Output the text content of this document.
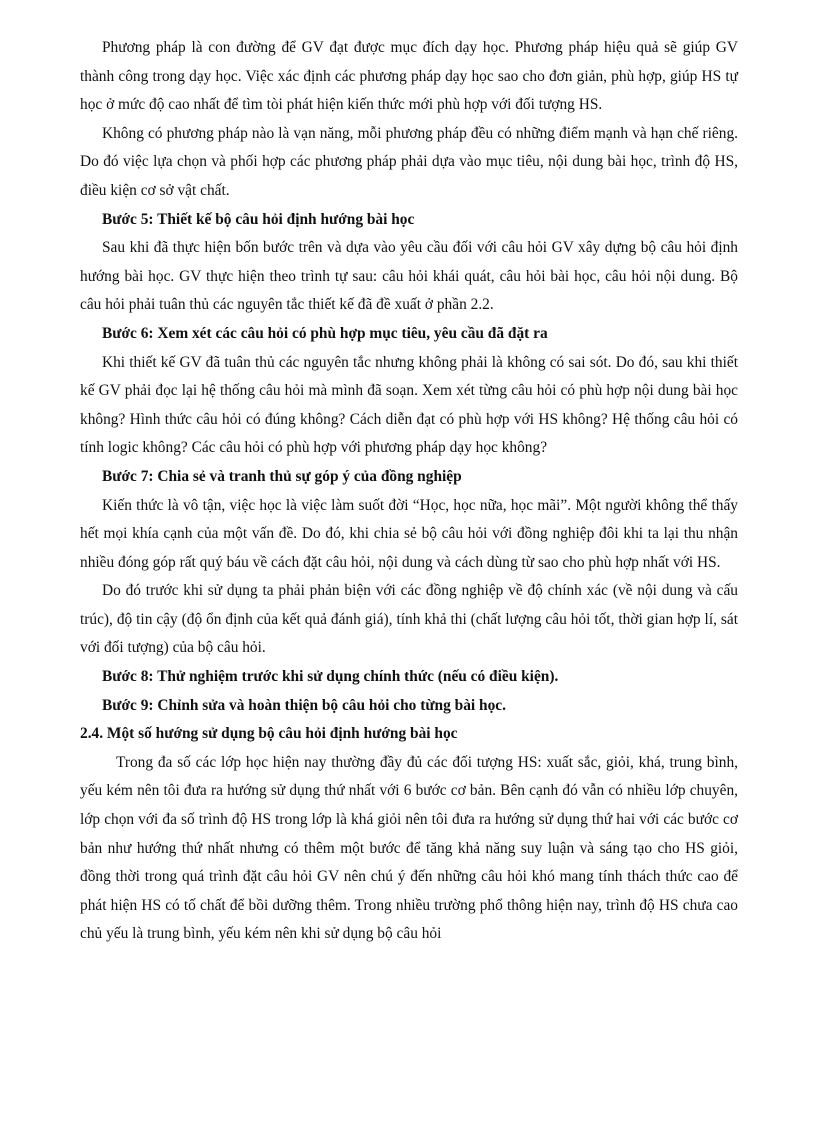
Phương pháp là con đường để GV đạt được mục đích dạy học. Phương pháp hiệu quả sẽ giúp GV thành công trong dạy học. Việc xác định các phương pháp dạy học sao cho đơn giản, phù hợp, giúp HS tự học ở mức độ cao nhất để tìm tòi phát hiện kiến thức mới phù hợp với đối tượng HS.

Không có phương pháp nào là vạn năng, mỗi phương pháp đều có những điểm mạnh và hạn chế riêng. Do đó việc lựa chọn và phối hợp các phương pháp phải dựa vào mục tiêu, nội dung bài học, trình độ HS, điều kiện cơ sở vật chất.

Bước 5: Thiết kế bộ câu hỏi định hướng bài học

Sau khi đã thực hiện bốn bước trên và dựa vào yêu cầu đối với câu hỏi GV xây dựng bộ câu hỏi định hướng bài học. GV thực hiện theo trình tự sau: câu hỏi khái quát, câu hỏi bài học, câu hỏi nội dung. Bộ câu hỏi phải tuân thủ các nguyên tắc thiết kế đã đề xuất ở phần 2.2.

Bước 6: Xem xét các câu hỏi có phù hợp mục tiêu, yêu cầu đã đặt ra

Khi thiết kế GV đã tuân thủ các nguyên tắc nhưng không phải là không có sai sót. Do đó, sau khi thiết kế GV phải đọc lại hệ thống câu hỏi mà mình đã soạn. Xem xét từng câu hỏi có phù hợp nội dung bài học không? Hình thức câu hỏi có đúng không? Cách diễn đạt có phù hợp với HS không? Hệ thống câu hỏi có tính logic không? Các câu hỏi có phù hợp với phương pháp dạy học không?

Bước 7: Chia sẻ và tranh thủ sự góp ý của đồng nghiệp

Kiến thức là vô tận, việc học là việc làm suốt đời “Học, học nữa, học mãi”. Một người không thể thấy hết mọi khía cạnh của một vấn đề. Do đó, khi chia sẻ bộ câu hỏi với đồng nghiệp đôi khi ta lại thu nhận nhiều đóng góp rất quý báu về cách đặt câu hỏi, nội dung và cách dùng từ sao cho phù hợp nhất với HS.

Do đó trước khi sử dụng ta phải phản biện với các đồng nghiệp về độ chính xác (về nội dung và cấu trúc), độ tin cậy (độ ổn định của kết quả đánh giá), tính khả thi (chất lượng câu hỏi tốt, thời gian hợp lí, sát với đối tượng) của bộ câu hỏi.

Bước 8: Thử nghiệm trước khi sử dụng chính thức (nếu có điều kiện).

Bước 9: Chỉnh sửa và hoàn thiện bộ câu hỏi cho từng bài học.

2.4. Một số hướng sử dụng bộ câu hỏi định hướng bài học

Trong đa số các lớp học hiện nay thường đầy đủ các đối tượng HS: xuất sắc, giỏi, khá, trung bình, yếu kém nên tôi đưa ra hướng sử dụng thứ nhất với 6 bước cơ bản. Bên cạnh đó vẫn có nhiều lớp chuyên, lớp chọn với đa số trình độ HS trong lớp là khá giỏi nên tôi đưa ra hướng sử dụng thứ hai với các bước cơ bản như hướng thứ nhất nhưng có thêm một bước để tăng khả năng suy luận và sáng tạo cho HS giỏi, đồng thời trong quá trình đặt câu hỏi GV nên chú ý đến những câu hỏi khó mang tính thách thức cao để phát hiện HS có tố chất để bồi dưỡng thêm. Trong nhiều trường phổ thông hiện nay, trình độ HS chưa cao chủ yếu là trung bình, yếu kém nên khi sử dụng bộ câu hỏi
